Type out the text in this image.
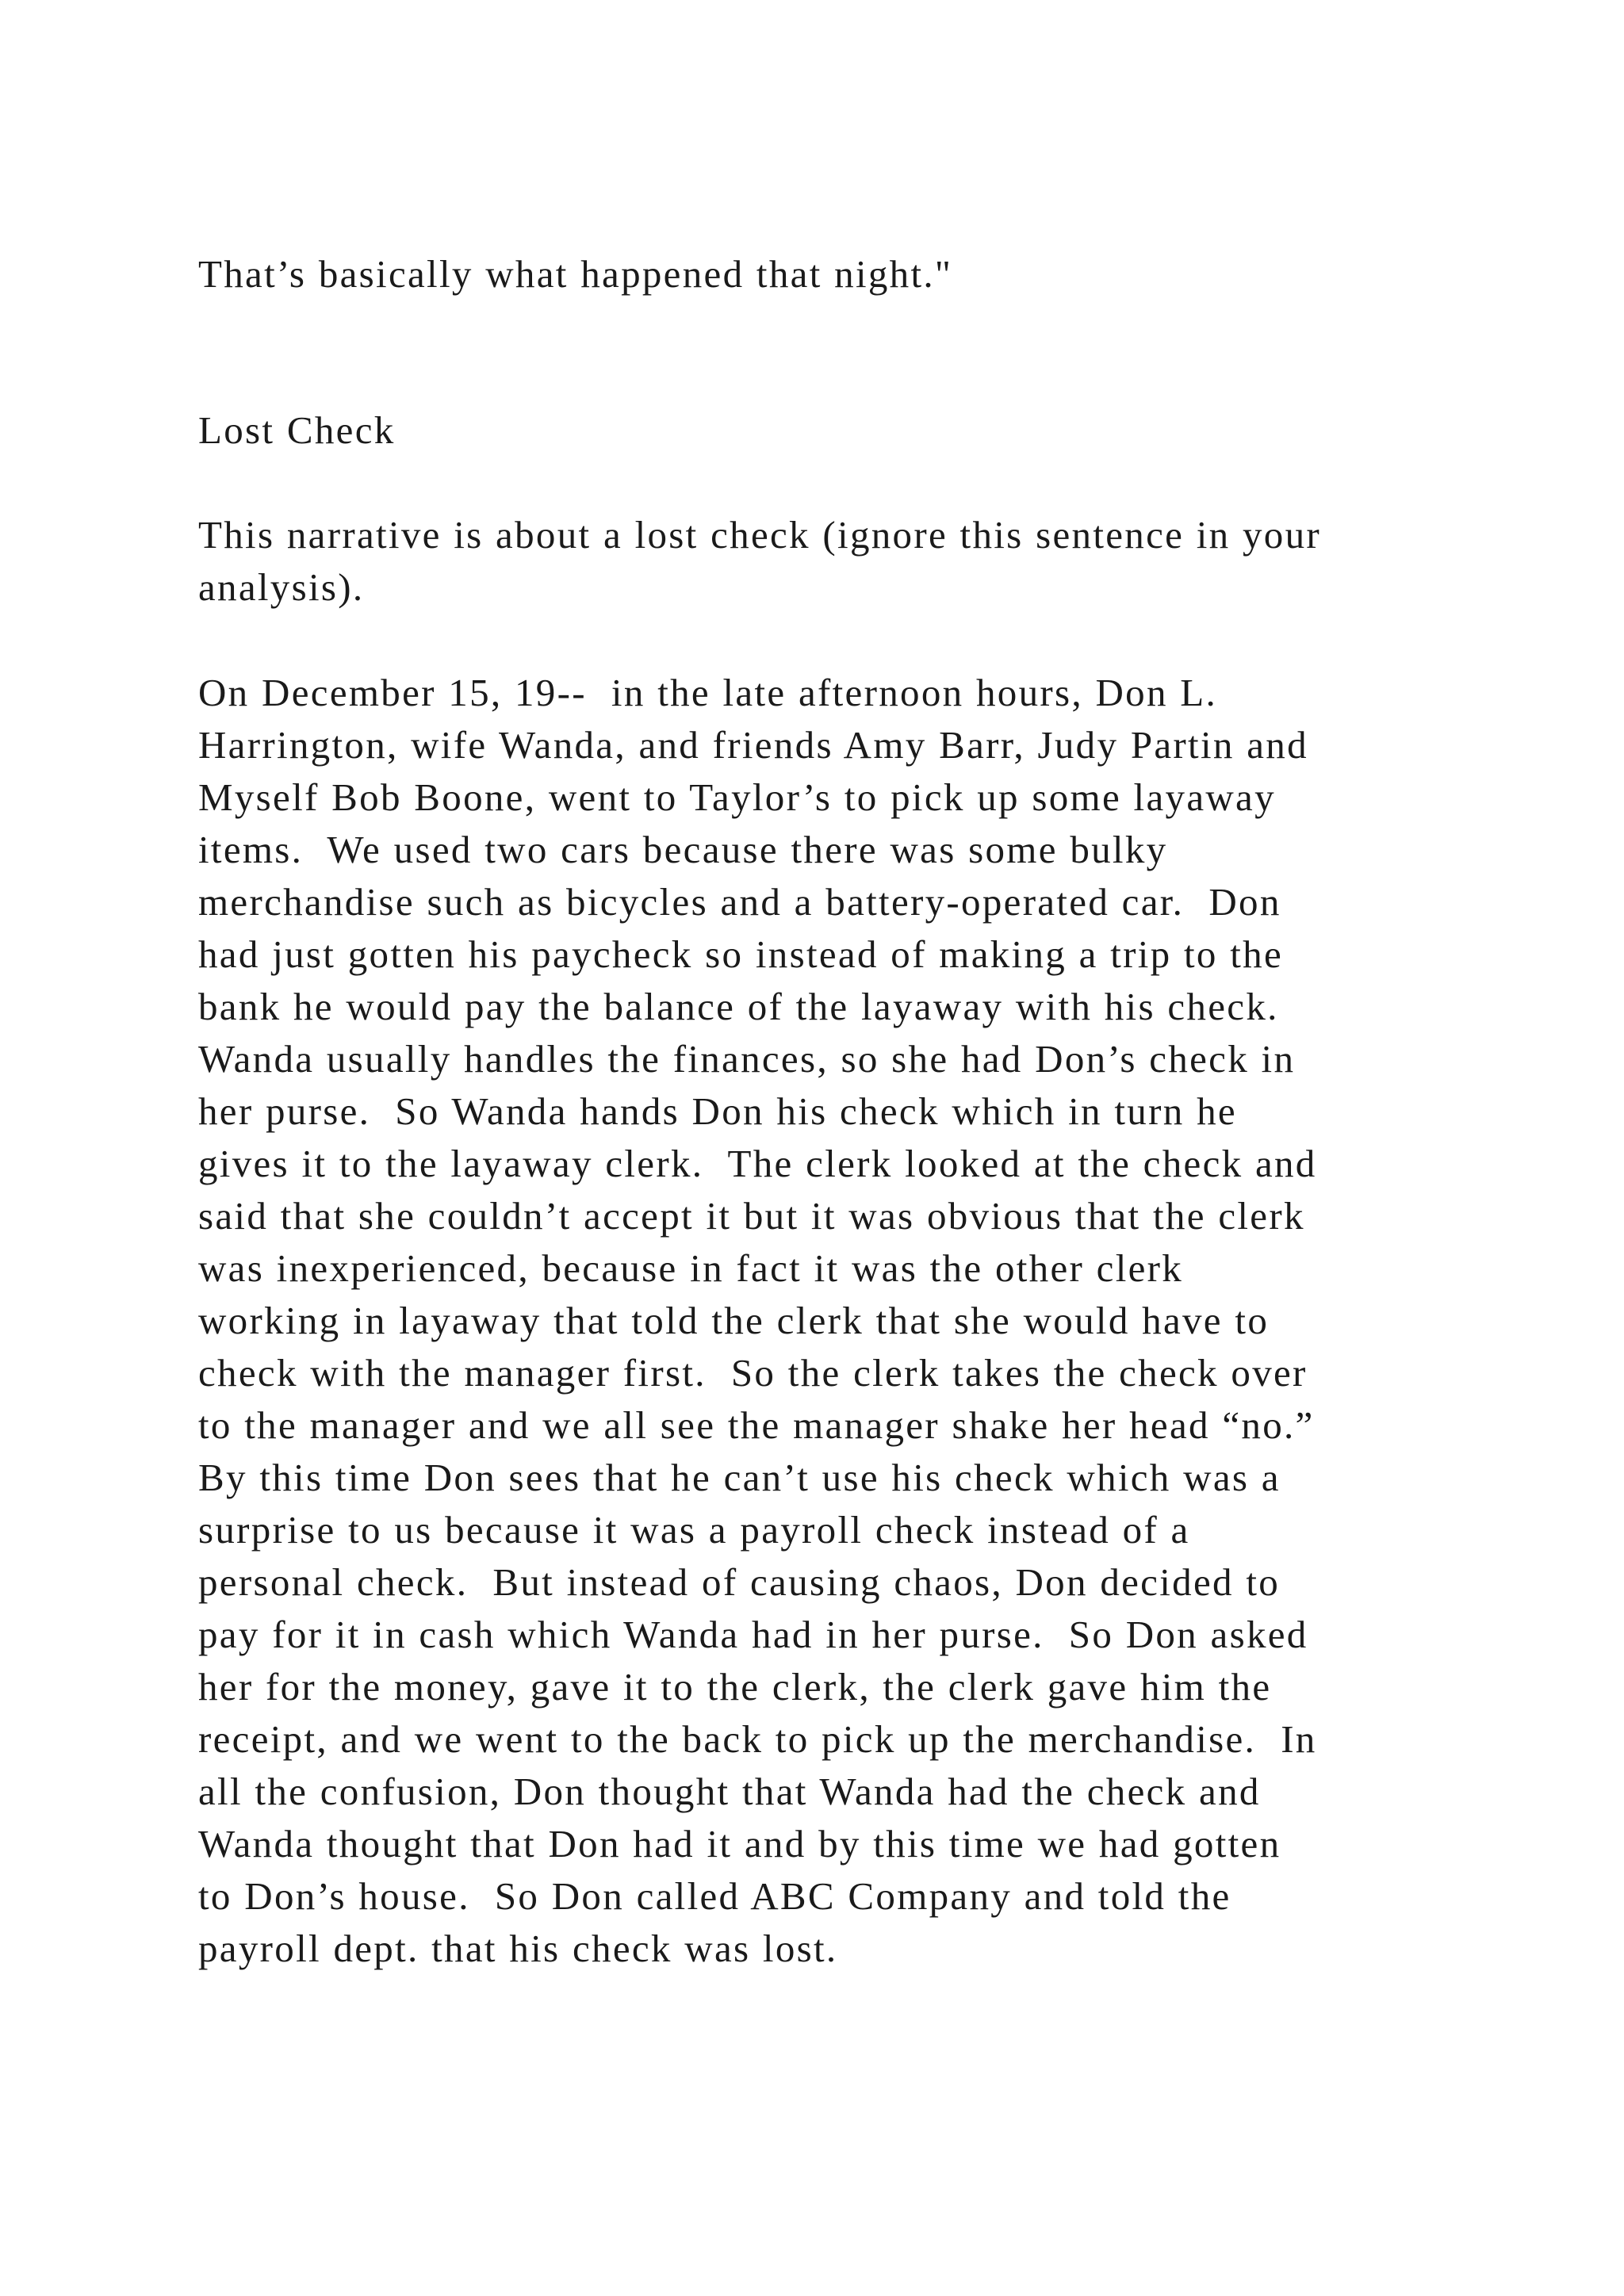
That’s basically what happened that night."

Lost Check

This narrative is about a lost check (ignore this sentence in your

analysis).

On December 15, 19--  in the late afternoon hours, Don L.

Harrington, wife Wanda, and friends Amy Barr, Judy Partin and

Myself Bob Boone, went to Taylor’s to pick up some layaway

items.  We used two cars because there was some bulky

merchandise such as bicycles and a battery-operated car.  Don

had just gotten his paycheck so instead of making a trip to the

bank he would pay the balance of the layaway with his check.

Wanda usually handles the finances, so she had Don’s check in

her purse.  So Wanda hands Don his check which in turn he

gives it to the layaway clerk.  The clerk looked at the check and

said that she couldn’t accept it but it was obvious that the clerk

was inexperienced, because in fact it was the other clerk

working in layaway that told the clerk that she would have to

check with the manager first.  So the clerk takes the check over

to the manager and we all see the manager shake her head “no.”

By this time Don sees that he can’t use his check which was a

surprise to us because it was a payroll check instead of a

personal check.  But instead of causing chaos, Don decided to

pay for it in cash which Wanda had in her purse.  So Don asked

her for the money, gave it to the clerk, the clerk gave him the

receipt, and we went to the back to pick up the merchandise.  In

all the confusion, Don thought that Wanda had the check and

Wanda thought that Don had it and by this time we had gotten

to Don’s house.  So Don called ABC Company and told the

payroll dept. that his check was lost.
